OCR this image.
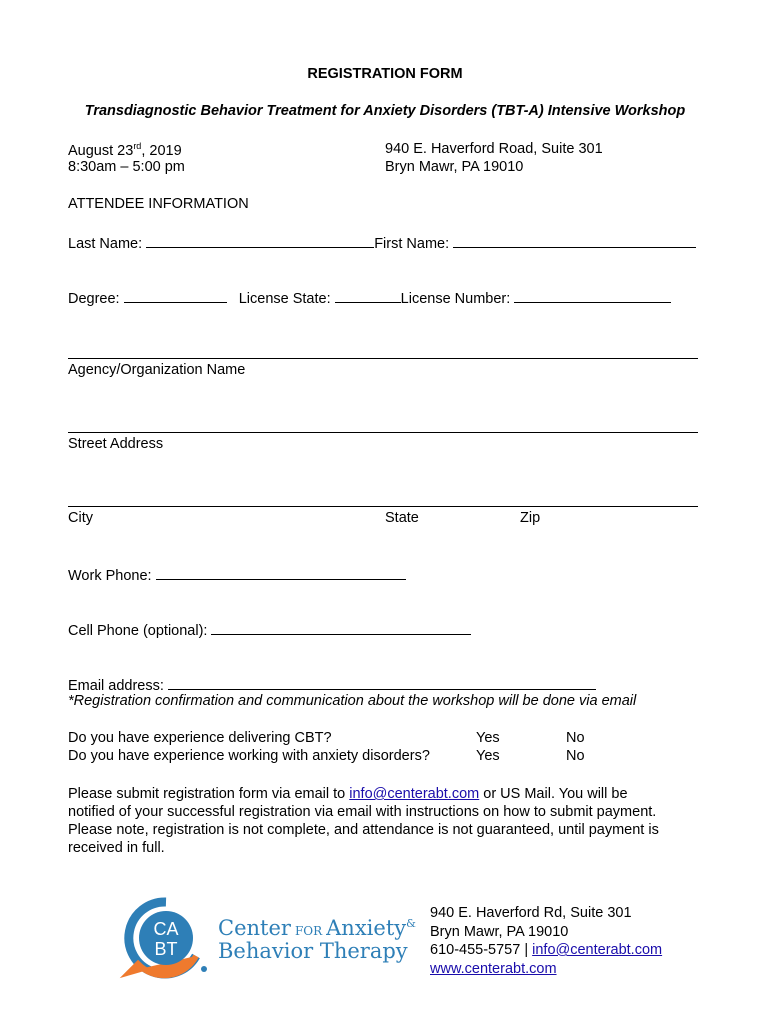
REGISTRATION FORM
Transdiagnostic Behavior Treatment for Anxiety Disorders (TBT-A) Intensive Workshop
August 23rd, 2019
8:30am – 5:00 pm
940 E. Haverford Road, Suite 301
Bryn Mawr, PA 19010
ATTENDEE INFORMATION
Last Name:	First Name:
Degree:	License State:	License Number:
Agency/Organization Name
Street Address
City	State	Zip
Work Phone:
Cell Phone (optional):
Email address:
*Registration confirmation and communication about the workshop will be done via email
Do you have experience delivering CBT?	Yes	No
Do you have experience working with anxiety disorders?	Yes	No
Please submit registration form via email to info@centerabt.com or US Mail. You will be
notified of your successful registration via email with instructions on how to submit payment.
Please note, registration is not complete, and attendance is not guaranteed, until payment is
received in full.
CA
BT
Center FOR Anxiety&
Behavior Therapy
940 E. Haverford Rd, Suite 301
Bryn Mawr, PA 19010
610-455-5757 | info@centerabt.com
www.centerabt.com
